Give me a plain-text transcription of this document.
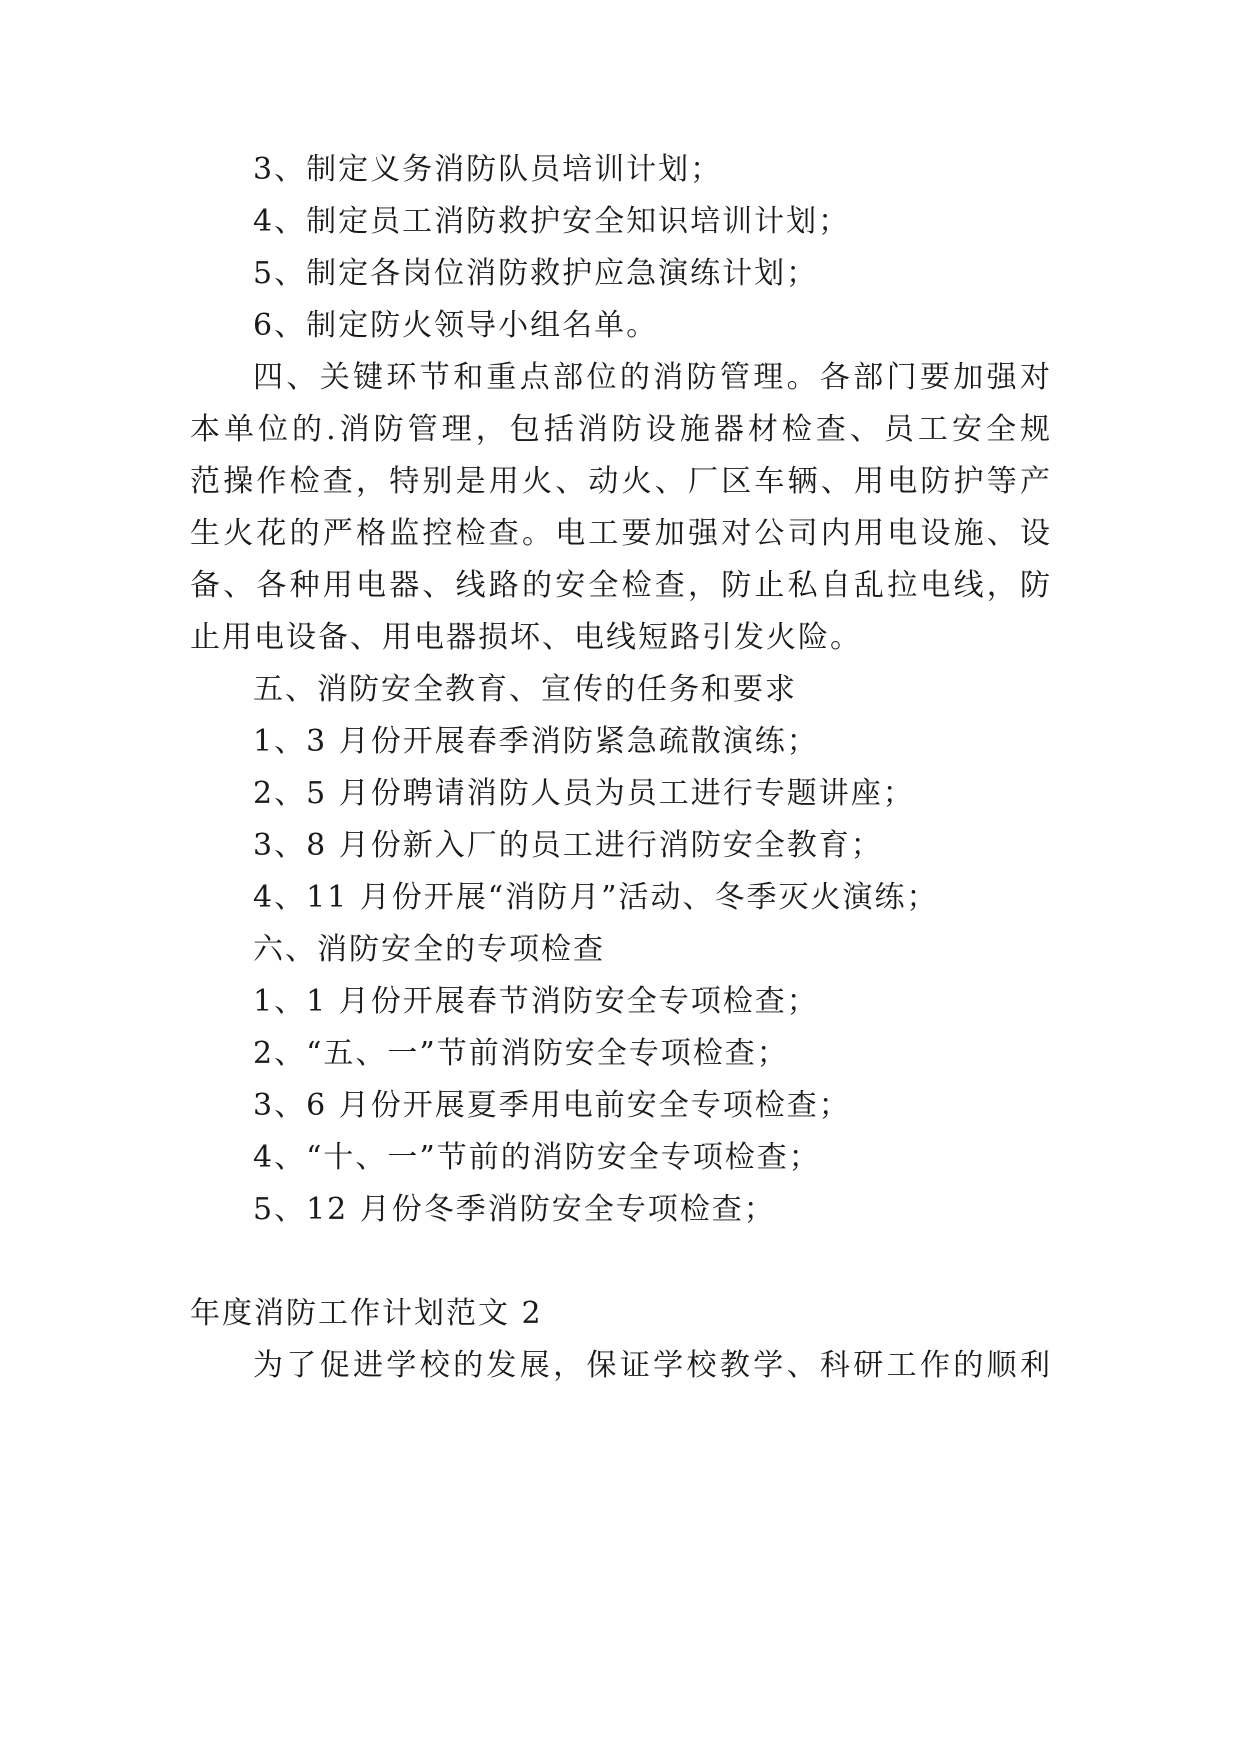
3、制定义务消防队员培训计划；
4、制定员工消防救护安全知识培训计划；
5、制定各岗位消防救护应急演练计划；
6、制定防火领导小组名单。
四、关键环节和重点部位的消防管理。各部门要加强对
本单位的.消防管理，包括消防设施器材检查、员工安全规
范操作检查，特别是用火、动火、厂区车辆、用电防护等产
生火花的严格监控检查。电工要加强对公司内用电设施、设
备、各种用电器、线路的安全检查，防止私自乱拉电线，防
止用电设备、用电器损坏、电线短路引发火险。
五、消防安全教育、宣传的任务和要求
1、3 月份开展春季消防紧急疏散演练；
2、5 月份聘请消防人员为员工进行专题讲座；
3、8 月份新入厂的员工进行消防安全教育；
4、11 月份开展“消防月”活动、冬季灭火演练；
六、消防安全的专项检查
1、1 月份开展春节消防安全专项检查；
2、“五、一”节前消防安全专项检查；
3、6 月份开展夏季用电前安全专项检查；
4、“十、一”节前的消防安全专项检查；
5、12 月份冬季消防安全专项检查；
年度消防工作计划范文 2
为了促进学校的发展，保证学校教学、科研工作的顺利
